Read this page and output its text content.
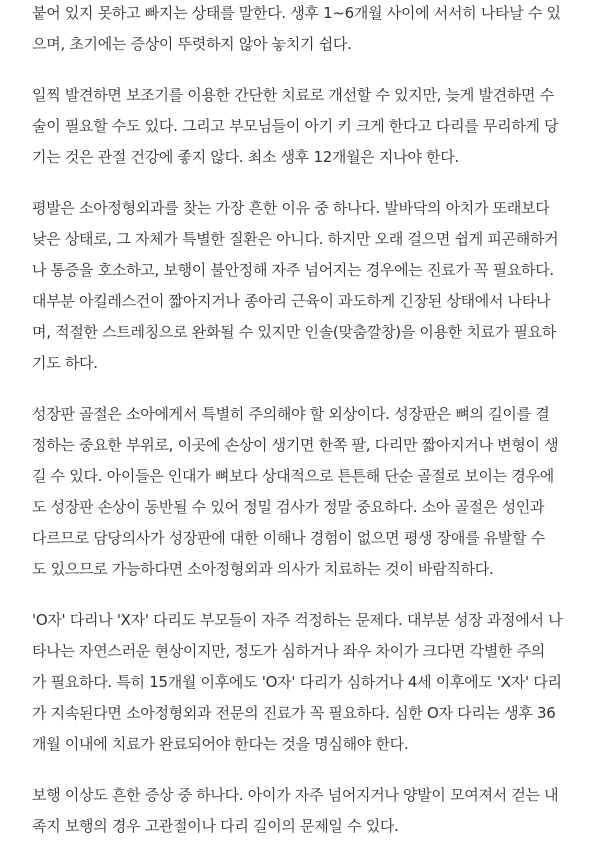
붙어 있지 못하고 빠지는 상태를 말한다. 생후 1~6개월 사이에 서서히 나타날 수 있
으며, 초기에는 증상이 뚜렷하지 않아 놓치기 쉽다.
일찍 발견하면 보조기를 이용한 간단한 치료로 개선할 수 있지만, 늦게 발견하면 수
술이 필요할 수도 있다. 그리고 부모님들이 아기 키 크게 한다고 다리를 무리하게 당
기는 것은 관절 건강에 좋지 않다. 최소 생후 12개월은 지나야 한다.
평발은 소아정형외과를 찾는 가장 흔한 이유 중 하나다. 발바닥의 아치가 또래보다
낮은 상태로, 그 자체가 특별한 질환은 아니다. 하지만 오래 걸으면 쉽게 피곤해하거
나 통증을 호소하고, 보행이 불안정해 자주 넘어지는 경우에는 진료가 꼭 필요하다.
대부분 아킬레스건이 짧아지거나 종아리 근육이 과도하게 긴장된 상태에서 나타나
며, 적절한 스트레칭으로 완화될 수 있지만 인솔(맞춤깔창)을 이용한 치료가 필요하
기도 하다.
성장판 골절은 소아에게서 특별히 주의해야 할 외상이다. 성장판은 뼈의 길이를 결
정하는 중요한 부위로, 이곳에 손상이 생기면 한쪽 팔, 다리만 짧아지거나 변형이 생
길 수 있다. 아이들은 인대가 뼈보다 상대적으로 튼튼해 단순 골절로 보이는 경우에
도 성장판 손상이 동반될 수 있어 정밀 검사가 정말 중요하다. 소아 골절은 성인과
다르므로 담당의사가 성장판에 대한 이해나 경험이 없으면 평생 장애를 유발할 수
도 있으므로 가능하다면 소아정형외과 의사가 치료하는 것이 바람직하다.
'O자' 다리나 'X자' 다리도 부모들이 자주 걱정하는 문제다. 대부분 성장 과정에서 나
타나는 자연스러운 현상이지만, 정도가 심하거나 좌우 차이가 크다면 각별한 주의
가 필요하다. 특히 15개월 이후에도 'O자' 다리가 심하거나 4세 이후에도 'X자' 다리
가 지속된다면 소아정형외과 전문의 진료가 꼭 필요하다. 심한 O자 다리는 생후 36
개월 이내에 치료가 완료되어야 한다는 것을 명심해야 한다.
보행 이상도 흔한 증상 중 하나다. 아이가 자주 넘어지거나 양발이 모여져서 걷는 내
족지 보행의 경우 고관절이나 다리 길이의 문제일 수 있다.
